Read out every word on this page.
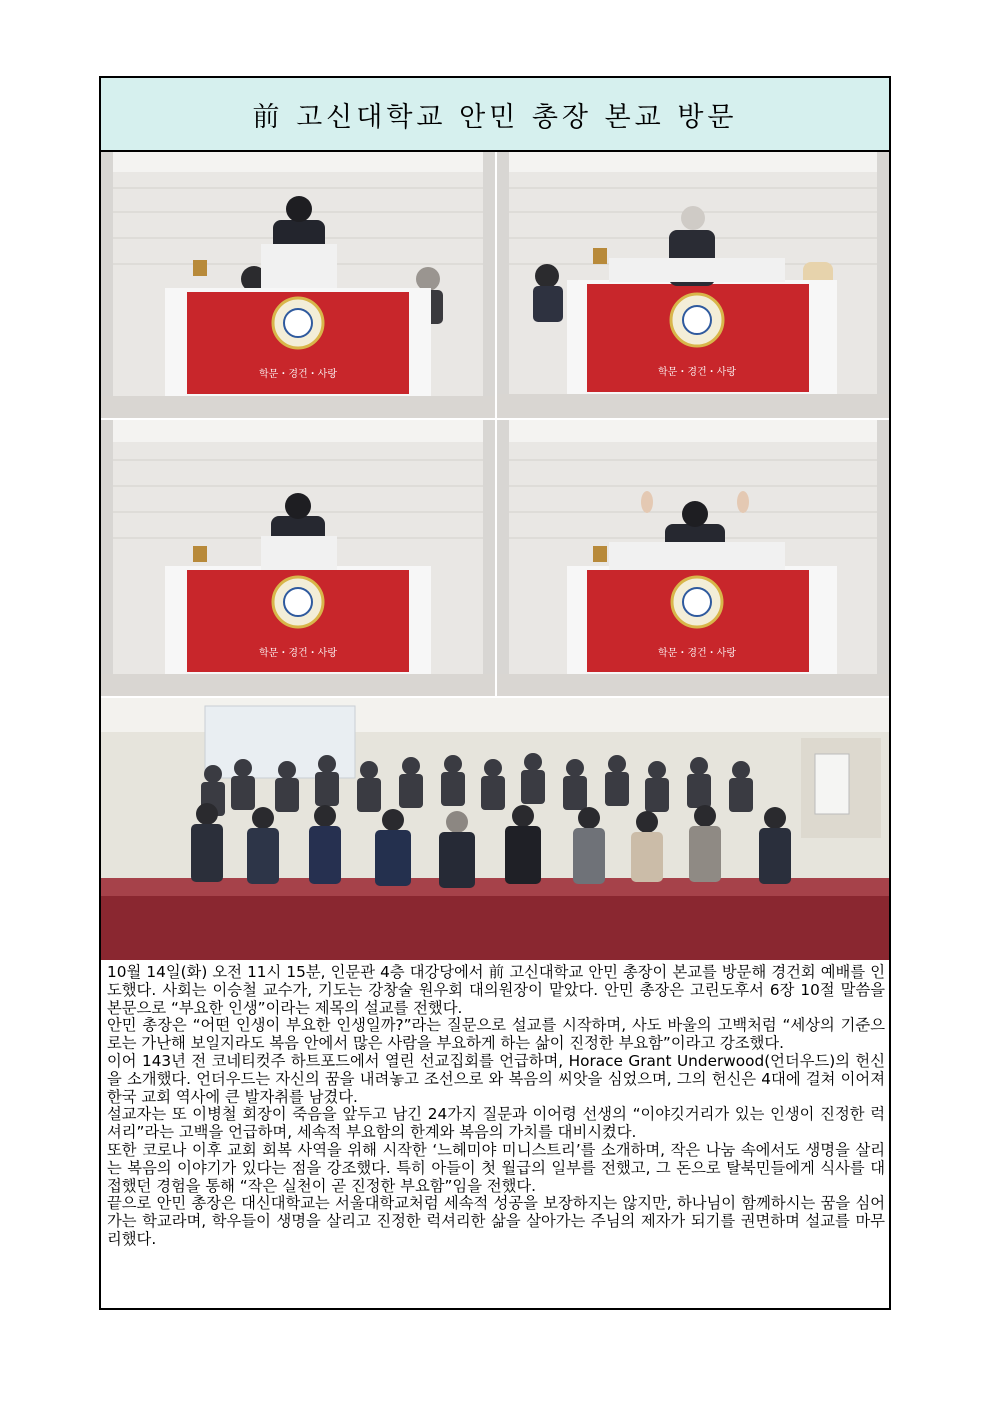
前 고신대학교 안민 총장 본교 방문
학문・경건・사랑	학문・경건・사랑
학문・경건・사랑	학문・경건・사랑

10월 14일(화) 오전 11시 15분, 인문관 4층 대강당에서 前 고신대학교 안민 총장이 본교를 방문해 경건회 예배를 인도했다. 사회는 이승철 교수가, 기도는 강창술 원우회 대의원장이 맡았다. 안민 총장은 고린도후서 6장 10절 말씀을 본문으로 “부요한 인생”이라는 제목의 설교를 전했다.

안민 총장은 “어떤 인생이 부요한 인생일까?”라는 질문으로 설교를 시작하며, 사도 바울의 고백처럼 “세상의 기준으로는 가난해 보일지라도 복음 안에서 많은 사람을 부요하게 하는 삶이 진정한 부요함”이라고 강조했다.

이어 143년 전 코네티컷주 하트포드에서 열린 선교집회를 언급하며, Horace Grant Underwood(언더우드)의 헌신을 소개했다. 언더우드는 자신의 꿈을 내려놓고 조선으로 와 복음의 씨앗을 심었으며, 그의 헌신은 4대에 걸쳐 이어져 한국 교회 역사에 큰 발자취를 남겼다.

설교자는 또 이병철 회장이 죽음을 앞두고 남긴 24가지 질문과 이어령 선생의 “이야깃거리가 있는 인생이 진정한 럭셔리”라는 고백을 언급하며, 세속적 부요함의 한계와 복음의 가치를 대비시켰다.

또한 코로나 이후 교회 회복 사역을 위해 시작한 ‘느헤미야 미니스트리’를 소개하며, 작은 나눔 속에서도 생명을 살리는 복음의 이야기가 있다는 점을 강조했다. 특히 아들이 첫 월급의 일부를 전했고, 그 돈으로 탈북민들에게 식사를 대접했던 경험을 통해 “작은 실천이 곧 진정한 부요함”임을 전했다.

끝으로 안민 총장은 대신대학교는 서울대학교처럼 세속적 성공을 보장하지는 않지만, 하나님이 함께하시는 꿈을 심어가는 학교라며, 학우들이 생명을 살리고 진정한 럭셔리한 삶을 살아가는 주님의 제자가 되기를 권면하며 설교를 마무리했다.
